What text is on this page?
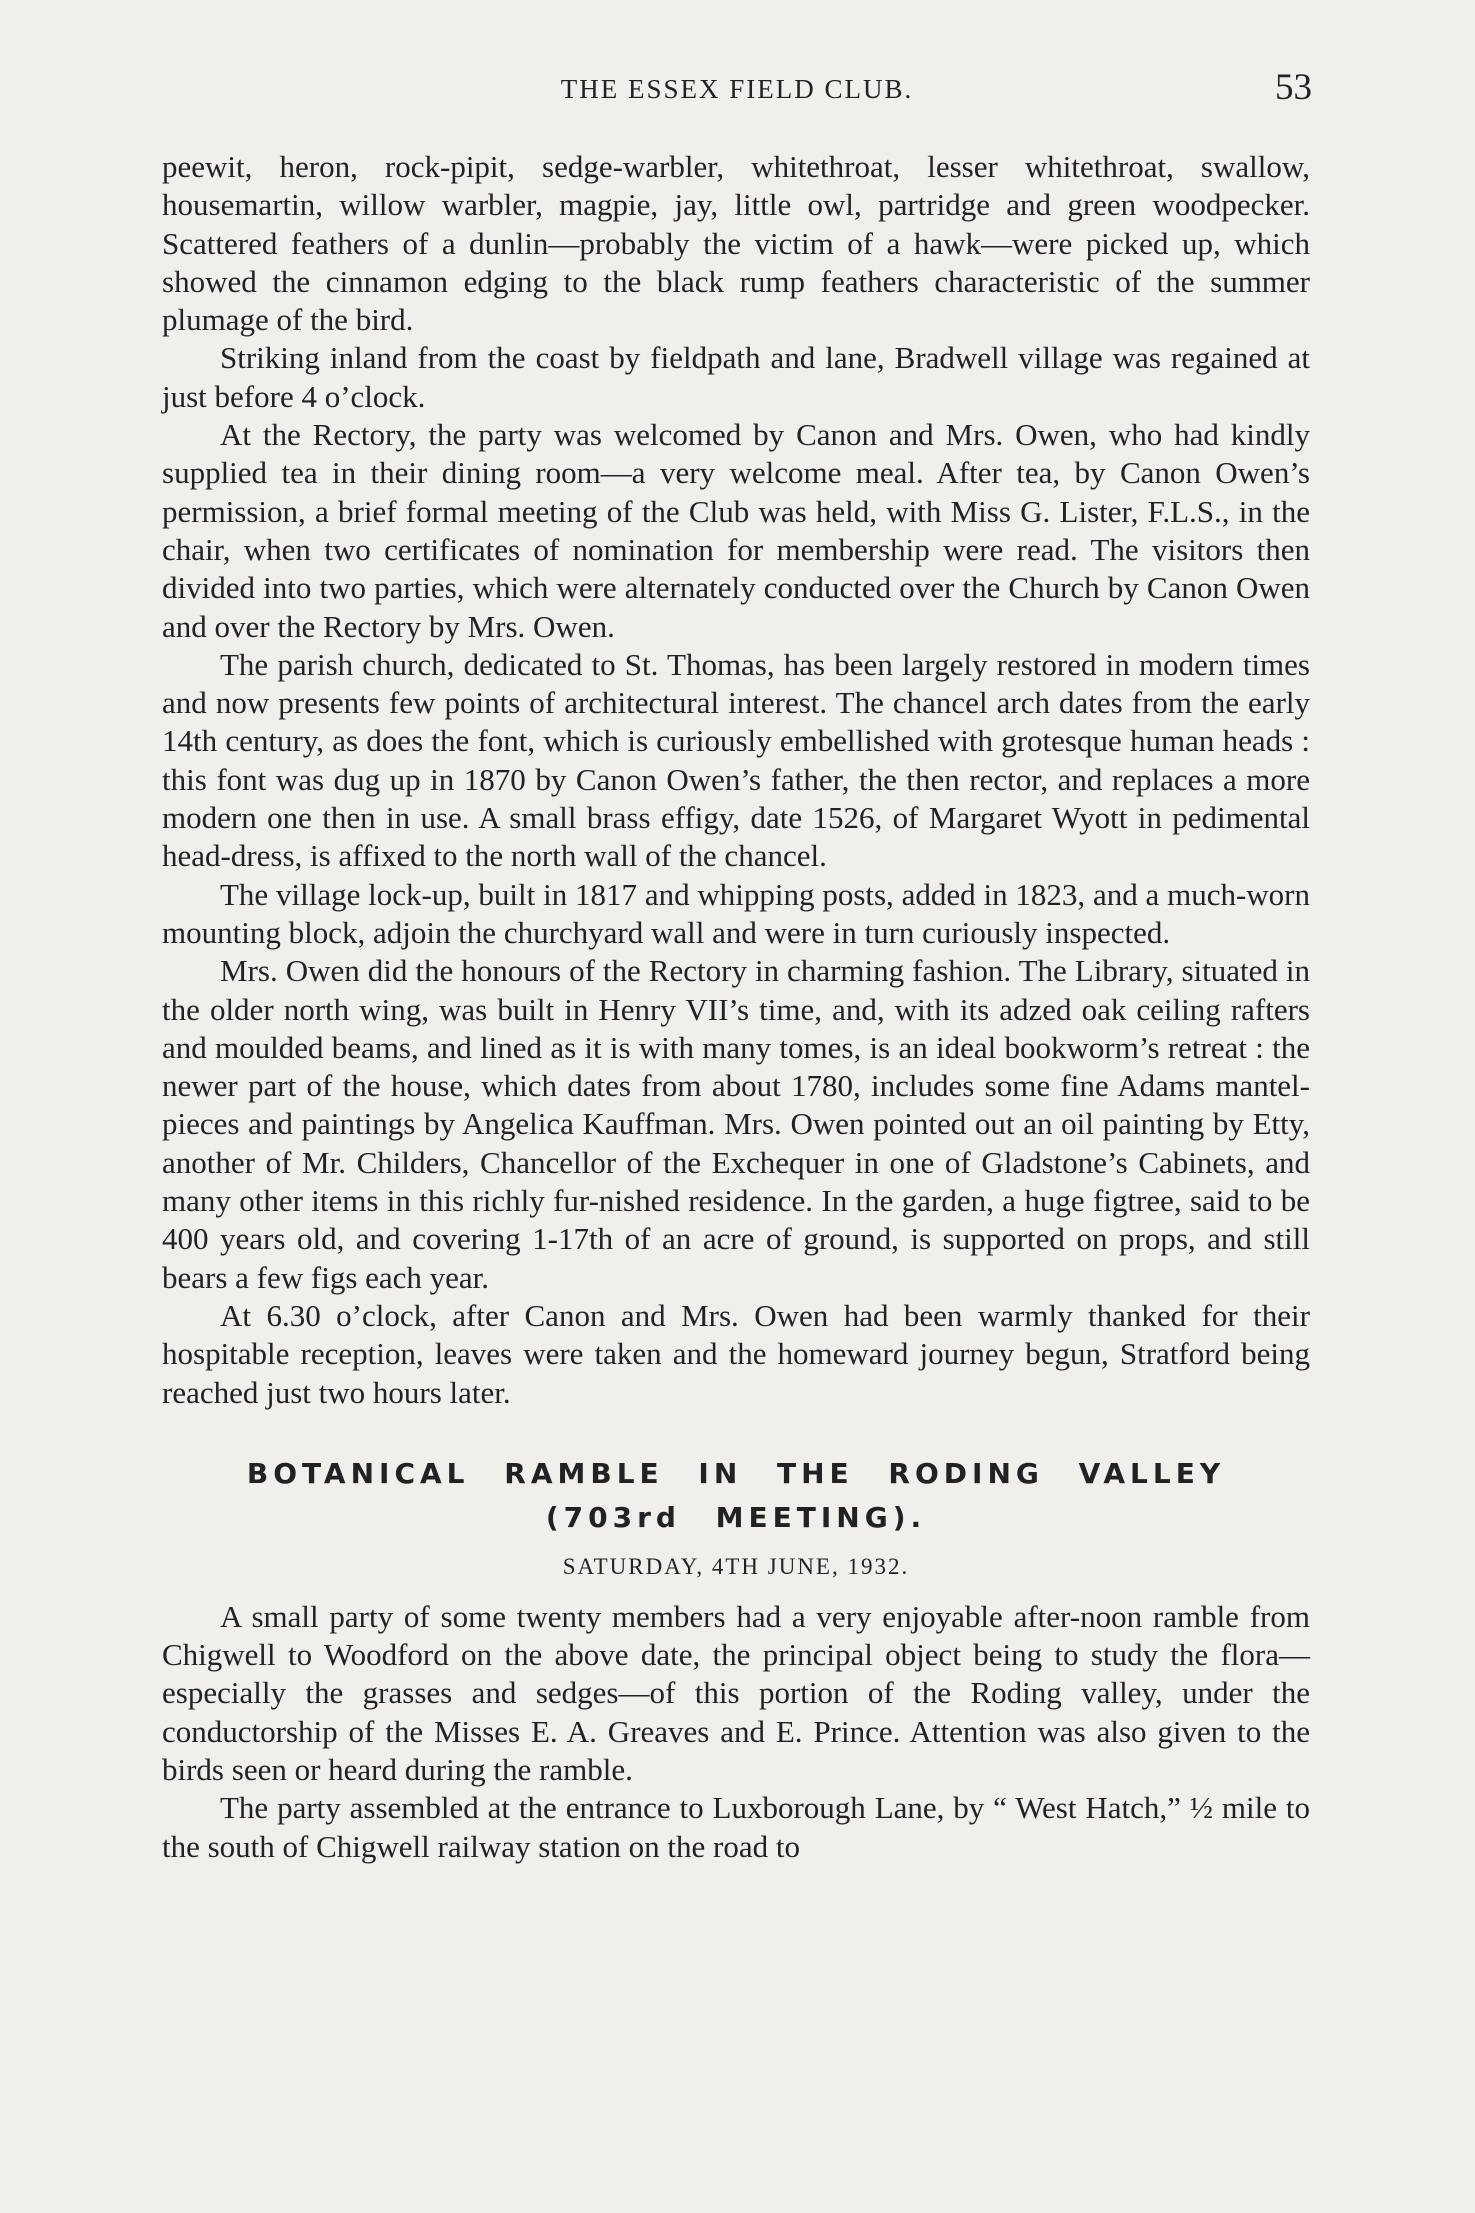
THE ESSEX FIELD CLUB.	53

peewit, heron, rock-pipit, sedge-warbler, whitethroat, lesser whitethroat, swallow, housemartin, willow warbler, magpie, jay, little owl, partridge and green woodpecker. Scattered feathers of a dunlin—probably the victim of a hawk—were picked up, which showed the cinnamon edging to the black rump feathers characteristic of the summer plumage of the bird.

Striking inland from the coast by fieldpath and lane, Bradwell village was regained at just before 4 o’clock.

At the Rectory, the party was welcomed by Canon and Mrs. Owen, who had kindly supplied tea in their dining room—a very welcome meal. After tea, by Canon Owen’s permission, a brief formal meeting of the Club was held, with Miss G. Lister, F.L.S., in the chair, when two certificates of nomination for membership were read. The visitors then divided into two parties, which were alternately conducted over the Church by Canon Owen and over the Rectory by Mrs. Owen.

The parish church, dedicated to St. Thomas, has been largely restored in modern times and now presents few points of architectural interest. The chancel arch dates from the early 14th century, as does the font, which is curiously embellished with grotesque human heads : this font was dug up in 1870 by Canon Owen’s father, the then rector, and replaces a more modern one then in use. A small brass effigy, date 1526, of Margaret Wyott in pedimental head-dress, is affixed to the north wall of the chancel.

The village lock-up, built in 1817 and whipping posts, added in 1823, and a much-worn mounting block, adjoin the churchyard wall and were in turn curiously inspected.

Mrs. Owen did the honours of the Rectory in charming fashion. The Library, situated in the older north wing, was built in Henry VII’s time, and, with its adzed oak ceiling rafters and moulded beams, and lined as it is with many tomes, is an ideal bookworm’s retreat : the newer part of the house, which dates from about 1780, includes some fine Adams mantel-pieces and paintings by Angelica Kauffman. Mrs. Owen pointed out an oil painting by Etty, another of Mr. Childers, Chancellor of the Exchequer in one of Gladstone’s Cabinets, and many other items in this richly fur-nished residence. In the garden, a huge figtree, said to be 400 years old, and covering 1-17th of an acre of ground, is supported on props, and still bears a few figs each year.

At 6.30 o’clock, after Canon and Mrs. Owen had been warmly thanked for their hospitable reception, leaves were taken and the homeward journey begun, Stratford being reached just two hours later.

BOTANICAL RAMBLE IN THE RODING VALLEY
(703rd MEETING).
SATURDAY, 4TH JUNE, 1932.

A small party of some twenty members had a very enjoyable after-noon ramble from Chigwell to Woodford on the above date, the principal object being to study the flora—especially the grasses and sedges—of this portion of the Roding valley, under the conductorship of the Misses E. A. Greaves and E. Prince. Attention was also given to the birds seen or heard during the ramble.

The party assembled at the entrance to Luxborough Lane, by “ West Hatch,” ½ mile to the south of Chigwell railway station on the road to
